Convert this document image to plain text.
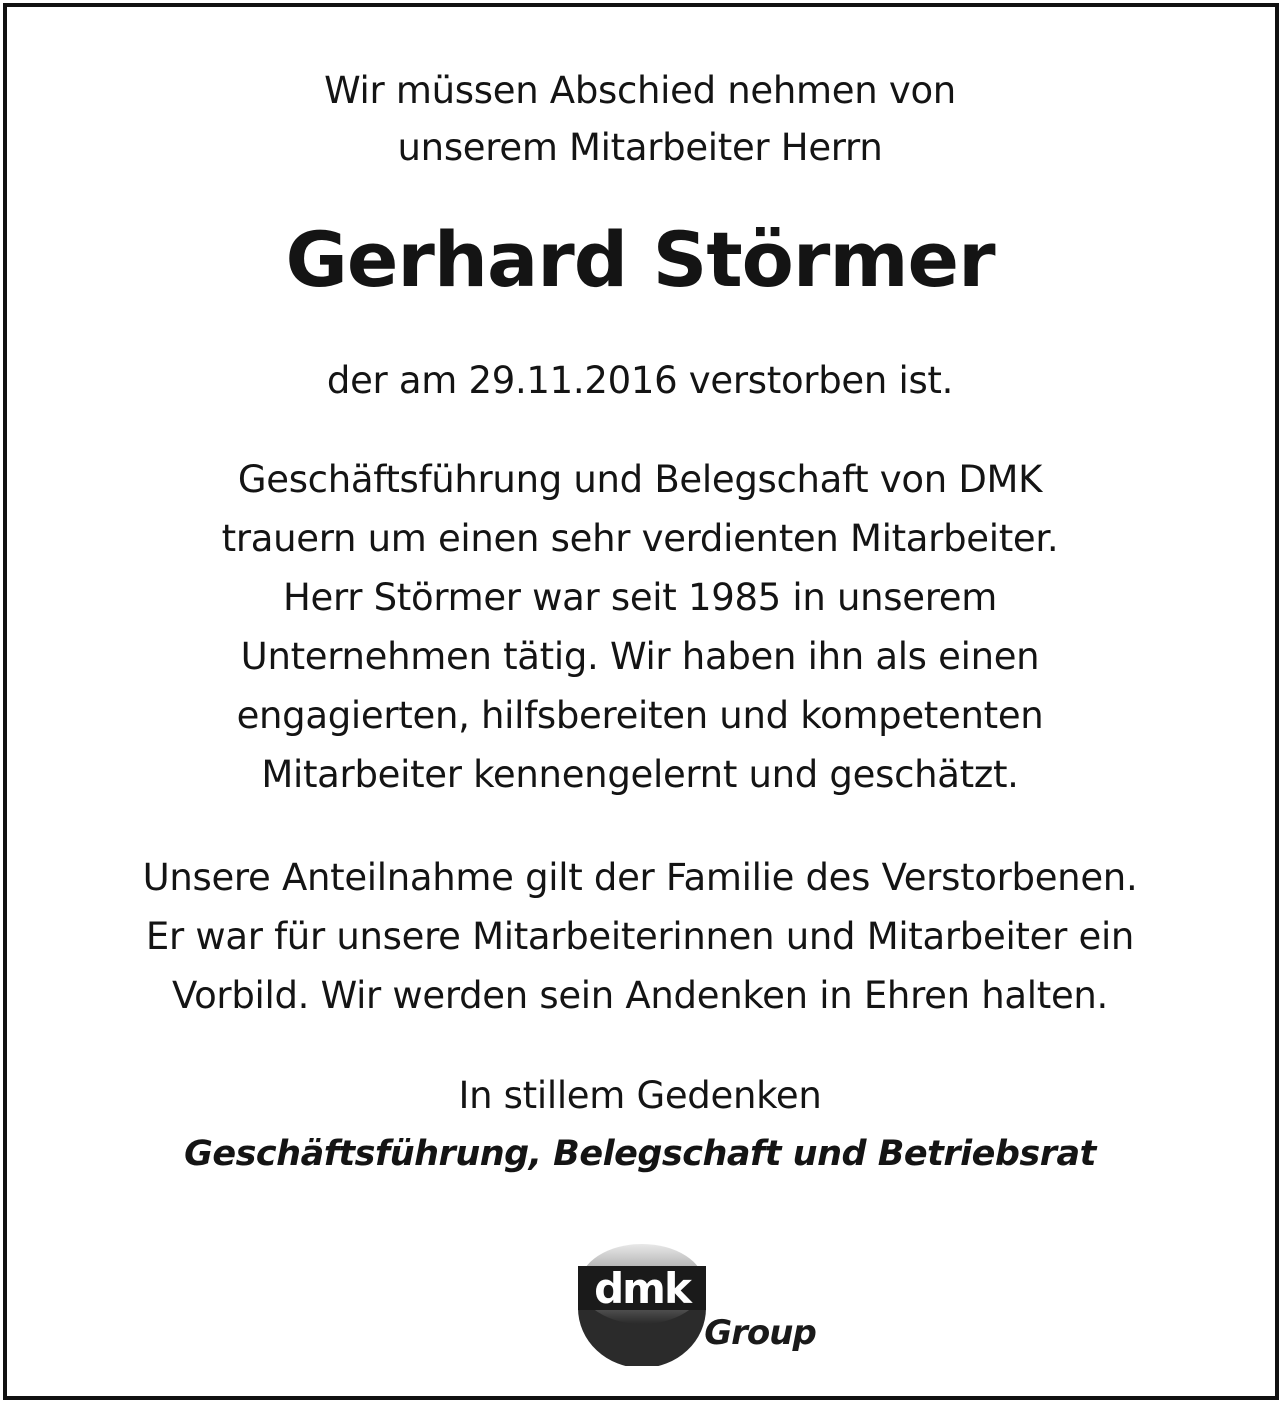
Wir müssen Abschied nehmen von
unserem Mitarbeiter Herrn
Gerhard Störmer
der am 29.11.2016 verstorben ist.
Geschäftsführung und Belegschaft von DMK
trauern um einen sehr verdienten Mitarbeiter.
Herr Störmer war seit 1985 in unserem
Unternehmen tätig. Wir haben ihn als einen
engagierten, hilfsbereiten und kompetenten
Mitarbeiter kennengelernt und geschätzt.
Unsere Anteilnahme gilt der Familie des Verstorbenen.
Er war für unsere Mitarbeiterinnen und Mitarbeiter ein
Vorbild. Wir werden sein Andenken in Ehren halten.
In stillem Gedenken
Geschäftsführung, Belegschaft und Betriebsrat
dmk
Group
